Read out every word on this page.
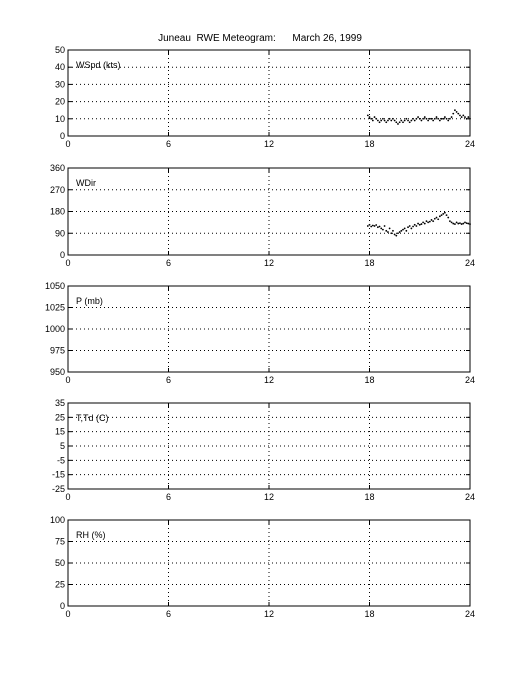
Juneau  RWE Meteogram:      March 26, 1999
0	6	12	18	24
0
10
20
30
40
50
WSpd (kts)
0	6	12	18	24
0
90
180
270
360
WDir
0	6	12	18	24
950
975
1000
1025
1050
P (mb)
0	6	12	18	24
-25
-15
-5
5
15
25
35
T,Td (C)
0	6	12	18	24
0
25
50
75
100
RH (%)
